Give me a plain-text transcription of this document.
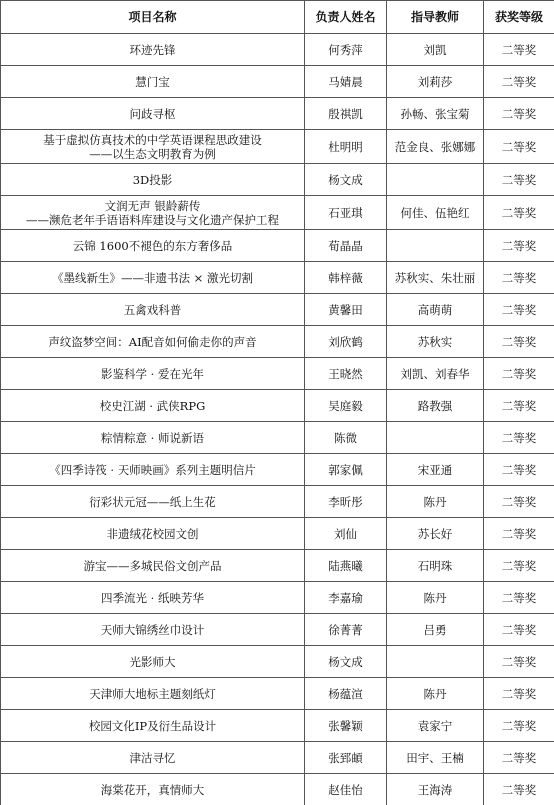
项目名称	负责人姓名	指导教师	获奖等级
环迹先锋	何秀萍	刘凯	二等奖
慧门宝	马婧晨	刘莉莎	二等奖
问歧寻枢	殷祺凯	孙畅、张宝菊	二等奖
基于虚拟仿真技术的中学英语课程思政建设
——以生态文明教育为例	杜明明	范金良、张娜娜	二等奖
3D投影	杨文成		二等奖
文润无声 银龄薪传
——濒危老年手语语料库建设与文化遗产保护工程	石亚琪	何佳、伍艳红	二等奖
云锦 1600不褪色的东方奢侈品	荀晶晶		二等奖
《墨线新生》——非遗书法 × 激光切割	韩梓薇	苏秋实、朱壮丽	二等奖
五禽戏科普	黄馨田	高萌萌	二等奖
声纹盗梦空间：AI配音如何偷走你的声音	刘欣鹤	苏秋实	二等奖
影鉴科学 · 爱在光年	王晓然	刘凯、刘春华	二等奖
校史江湖 · 武侠RPG	吴庭毅	路教强	二等奖
粽情粽意 · 师说新语	陈微		二等奖
《四季诗筏 · 天师映画》系列主题明信片	郭家佩	宋亚通	二等奖
衍彩状元冠——纸上生花	李昕彤	陈丹	二等奖
非遗绒花校园文创	刘仙	苏长好	二等奖
游宝——多城民俗文创产品	陆燕曦	石明珠	二等奖
四季流光 · 纸映芳华	李嘉瑜	陈丹	二等奖
天师大锦绣丝巾设计	徐菁菁	吕勇	二等奖
光影师大	杨文成		二等奖
天津师大地标主题刻纸灯	杨蕴渲	陈丹	二等奖
校园文化IP及衍生品设计	张馨颖	袁家宁	二等奖
津沽寻忆	张郅頔	田宇、王楠	二等奖
海棠花开，真情师大	赵佳怡	王海涛	二等奖
